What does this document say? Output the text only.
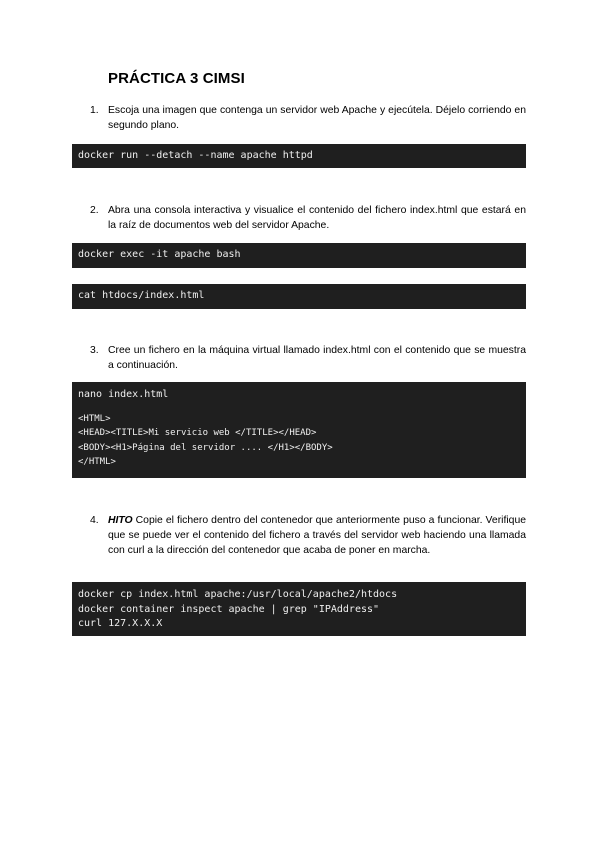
PRÁCTICA 3 CIMSI
1. Escoja una imagen que contenga un servidor web Apache y ejecútela. Déjelo corriendo en segundo plano.
docker run --detach --name apache httpd
2. Abra una consola interactiva y visualice el contenido del fichero index.html que estará en la raíz de documentos web del servidor Apache.
docker exec -it apache bash
cat htdocs/index.html
3. Cree un fichero en la máquina virtual llamado index.html con el contenido que se muestra a continuación.
nano index.html
<HTML>
<HEAD><TITLE>Mi servicio web </TITLE></HEAD>
<BODY><H1>Página del servidor .... </H1></BODY>
</HTML>
4. HITO Copie el fichero dentro del contenedor que anteriormente puso a funcionar. Verifique que se puede ver el contenido del fichero a través del servidor web haciendo una llamada con curl a la dirección del contenedor que acaba de poner en marcha.
docker cp index.html apache:/usr/local/apache2/htdocs
docker container inspect apache | grep "IPAddress"
curl 127.X.X.X
